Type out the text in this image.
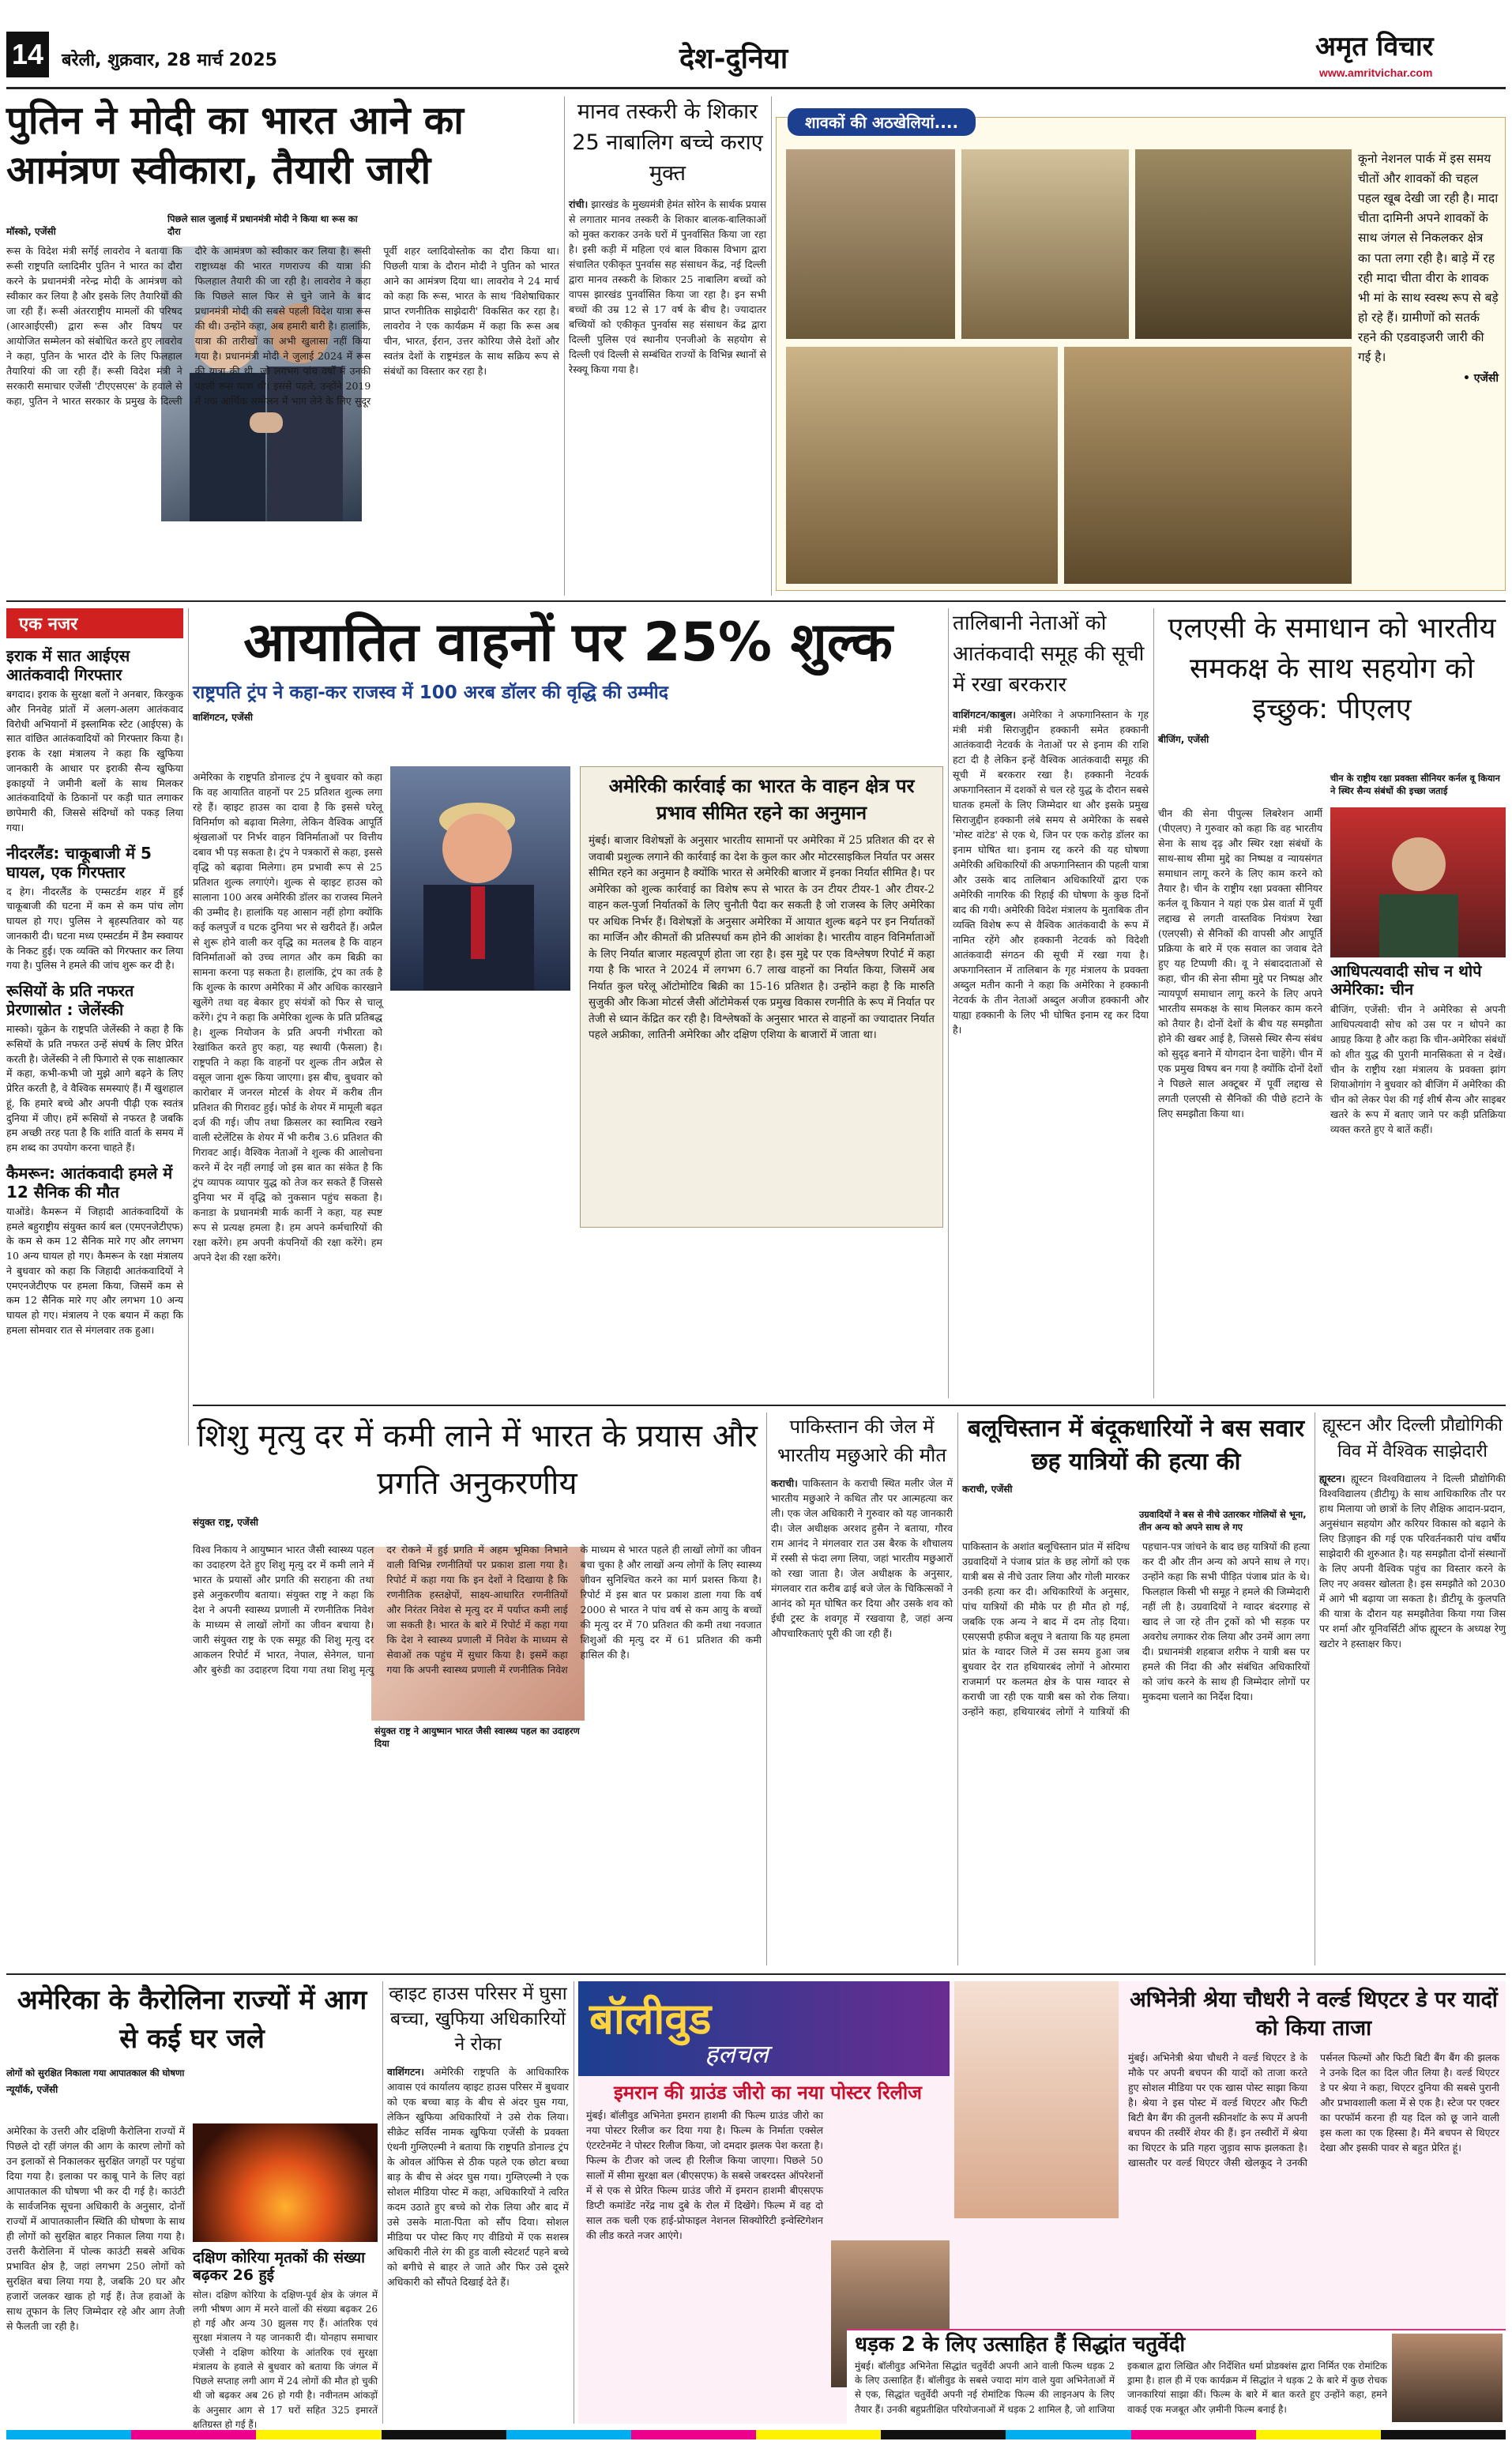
14	बरेली, शुक्रवार, 28 मार्च 2025	देश-दुनिया	अमृत विचार
www.amritvichar.com
पुतिन ने मोदी का भारत आने का आमंत्रण स्वीकारा, तैयारी जारी
मॉस्को, एजेंसी
पिछले साल जुलाई में प्रधानमंत्री मोदी ने किया था रूस का दौरा
रूस के विदेश मंत्री सर्गेई लावरोव ने बताया कि रूसी राष्ट्रपति व्लादिमीर पुतिन ने भारत का दौरा करने के प्रधानमंत्री नरेन्द्र मोदी के आमंत्रण को स्वीकार कर लिया है और इसके लिए तैयारियों की जा रही हैं। रूसी अंतरराष्ट्रीय मामलों की परिषद (आरआईएसी) द्वारा रूस और विषय पर आयोजित सम्मेलन को संबोधित करते हुए लावरोव ने कहा, पुतिन के भारत दौरे के लिए फिलहाल तैयारियां की जा रही हैं। रूसी विदेश मंत्री ने सरकारी समाचार एजेंसी 'टीएएसएस' के हवाले से कहा, पुतिन ने भारत सरकार के प्रमुख के दिल्ली दौरे के आमंत्रण को स्वीकार कर लिया है। रूसी राष्ट्राध्यक्ष की भारत गणराज्य की यात्रा की फिलहाल तैयारी की जा रही है। लावरोव ने कहा कि पिछले साल फिर से चुने जाने के बाद प्रधानमंत्री मोदी की सबसे पहली विदेश यात्रा रूस की थी। उन्होंने कहा, अब हमारी बारी है। हालांकि, यात्रा की तारीखों का अभी खुलासा नहीं किया गया है। प्रधानमंत्री मोदी ने जुलाई 2024 में रूस की यात्रा की थी, जो लगभग पांच वर्षों में उनकी पहली रूस यात्रा थी। इससे पहले, उन्होंने 2019 में एक आर्थिक सम्मेलन में भाग लेने के लिए सुदूर पूर्वी शहर व्लादिवोस्तोक का दौरा किया था। पिछली यात्रा के दौरान मोदी ने पुतिन को भारत आने का आमंत्रण दिया था। लावरोव ने 24 मार्च को कहा कि रूस, भारत के साथ 'विशेषाधिकार प्राप्त रणनीतिक साझेदारी' विकसित कर रहा है। लावरोव ने एक कार्यक्रम में कहा कि रूस अब चीन, भारत, ईरान, उत्तर कोरिया जैसे देशों और स्वतंत्र देशों के राष्ट्रमंडल के साथ सक्रिय रूप से संबंधों का विस्तार कर रहा है।
मानव तस्करी के शिकार 25 नाबालिग बच्चे कराए मुक्त
रांची। झारखंड के मुख्यमंत्री हेमंत सोरेन के सार्थक प्रयास से लगातार मानव तस्करी के शिकार बालक-बालिकाओं को मुक्त कराकर उनके घरों में पुनर्वासित किया जा रहा है। इसी कड़ी में महिला एवं बाल विकास विभाग द्वारा संचालित एकीकृत पुनर्वास सह संसाधन केंद्र, नई दिल्ली द्वारा मानव तस्करी के शिकार 25 नाबालिग बच्चों को वापस झारखंड पुनर्वासित किया जा रहा है। इन सभी बच्चों की उम्र 12 से 17 वर्ष के बीच है। ज्यादातर बच्चियों को एकीकृत पुनर्वास सह संसाधन केंद्र द्वारा दिल्ली पुलिस एवं स्थानीय एनजीओ के सहयोग से दिल्ली एवं दिल्ली से सम्बंधित राज्यों के विभिन्न स्थानों से रेस्क्यू किया गया है।
शावकों की अठखेलियां....
कूनो नेशनल पार्क में इस समय चीतों और शावकों की चहल पहल खूब देखी जा रही है। मादा चीता दामिनी अपने शावकों के साथ जंगल से निकलकर क्षेत्र का पता लगा रही है। बाड़े में रह रही मादा चीता वीरा के शावक भी मां के साथ स्वस्थ रूप से बड़े हो रहे हैं। ग्रामीणों को सतर्क रहने की एडवाइजरी जारी की गई है।
• एजेंसी
एक नजर
इराक में सात आईएस आतंकवादी गिरफ्तार

बगदाद। इराक के सुरक्षा बलों ने अनबार, किरकुक और निनवेह प्रांतों में अलग-अलग आतंकवाद विरोधी अभियानों में इस्लामिक स्टेट (आईएस) के सात वांछित आतंकवादियों को गिरफ्तार किया है। इराक के रक्षा मंत्रालय ने कहा कि खुफिया जानकारी के आधार पर इराकी सैन्य खुफिया इकाइयों ने जमीनी बलों के साथ मिलकर आतंकवादियों के ठिकानों पर कड़ी घात लगाकर छापेमारी की, जिससे संदिग्धों को पकड़ लिया गया।

नीदरलैंड: चाकूबाजी में 5 घायल, एक गिरफ्तार

द हेग। नीदरलैंड के एम्सटर्डम शहर में हुई चाकूबाजी की घटना में कम से कम पांच लोग घायल हो गए। पुलिस ने बृहस्पतिवार को यह जानकारी दी। घटना मध्य एम्सटर्डम में डैम स्क्वायर के निकट हुई। एक व्यक्ति को गिरफ्तार कर लिया गया है। पुलिस ने हमले की जांच शुरू कर दी है।

रूसियों के प्रति नफरत प्रेरणास्रोत : जेलेंस्की

मास्को। यूक्रेन के राष्ट्रपति जेलेंस्की ने कहा है कि रूसियों के प्रति नफरत उन्हें संघर्ष के लिए प्रेरित करती है। जेलेंस्की ने ली फिगारो से एक साक्षात्कार में कहा, कभी-कभी जो मुझे आगे बढ़ने के लिए प्रेरित करती है, वे वैश्विक समस्याएं हैं। मैं खुशहाल हूं, कि हमारे बच्चे और अपनी पीढ़ी एक स्वतंत्र दुनिया में जीए। हमें रूसियों से नफरत है जबकि हम अच्छी तरह पता है कि शांति वार्ता के समय में हम शब्द का उपयोग करना चाहते हैं।

कैमरून: आतंकवादी हमले में 12 सैनिक की मौत

याओंडे। कैमरून में जिहादी आतंकवादियों के हमले बहुराष्ट्रीय संयुक्त कार्य बल (एमएनजेटीएफ) के कम से कम 12 सैनिक मारे गए और लगभग 10 अन्य घायल हो गए। कैमरून के रक्षा मंत्रालय ने बुधवार को कहा कि जिहादी आतंकवादियों ने एमएनजेटीएफ पर हमला किया, जिसमें कम से कम 12 सैनिक मारे गए और लगभग 10 अन्य घायल हो गए। मंत्रालय ने एक बयान में कहा कि हमला सोमवार रात से मंगलवार तक हुआ।

आयातित वाहनों पर 25% शुल्क
राष्ट्रपति ट्रंप ने कहा-कर राजस्व में 100 अरब डॉलर की वृद्धि की उम्मीद
वाशिंगटन, एजेंसी
अमेरिका के राष्ट्रपति डोनाल्ड ट्रंप ने बुधवार को कहा कि वह आयातित वाहनों पर 25 प्रतिशत शुल्क लगा रहे हैं। व्हाइट हाउस का दावा है कि इससे घरेलू विनिर्माण को बढ़ावा मिलेगा, लेकिन वैश्विक आपूर्ति श्रृंखलाओं पर निर्भर वाहन विनिर्माताओं पर वित्तीय दबाव भी पड़ सकता है। ट्रंप ने पत्रकारों से कहा, इससे वृद्धि को बढ़ावा मिलेगा। हम प्रभावी रूप से 25 प्रतिशत शुल्क लगाएंगे। शुल्क से व्हाइट हाउस को सालाना 100 अरब अमेरिकी डॉलर का राजस्व मिलने की उम्मीद है। हालांकि यह आसान नहीं होगा क्योंकि कई कलपुर्जे व घटक दुनिया भर से खरीदते हैं। अप्रैल से शुरू होने वाली कर वृद्धि का मतलब है कि वाहन विनिर्माताओं को उच्च लागत और कम बिक्री का सामना करना पड़ सकता है। हालांकि, ट्रंप का तर्क है कि शुल्क के कारण अमेरिका में और अधिक कारखाने खुलेंगे तथा वह बेकार हुए संयंत्रों को फिर से चालू करेंगे। ट्रंप ने कहा कि अमेरिका शुल्क के प्रति प्रतिबद्ध है। शुल्क नियोजन के प्रति अपनी गंभीरता को रेखांकित करते हुए कहा, यह स्थायी (फैसला) है। राष्ट्रपति ने कहा कि वाहनों पर शुल्क तीन अप्रैल से वसूल जाना शुरू किया जाएगा। इस बीच, बुधवार को कारोबार में जनरल मोटर्स के शेयर में करीब तीन प्रतिशत की गिरावट हुई। फोर्ड के शेयर में मामूली बढ़त दर्ज की गई। जीप तथा क्रिसलर का स्वामित्व रखने वाली स्टेलेंटिस के शेयर में भी करीब 3.6 प्रतिशत की गिरावट आई। वैश्विक नेताओं ने शुल्क की आलोचना करने में देर नहीं लगाई जो इस बात का संकेत है कि ट्रंप व्यापक व्यापार युद्ध को तेज कर सकते हैं जिससे दुनिया भर में वृद्धि को नुकसान पहुंच सकता है। कनाडा के प्रधानमंत्री मार्क कार्नी ने कहा, यह स्पष्ट रूप से प्रत्यक्ष हमला है। हम अपने कर्मचारियों की रक्षा करेंगे। हम अपनी कंपनियों की रक्षा करेंगे। हम अपने देश की रक्षा करेंगे।
अमेरिकी कार्रवाई का भारत के वाहन क्षेत्र पर प्रभाव सीमित रहने का अनुमान
मुंबई। बाजार विशेषज्ञों के अनुसार भारतीय सामानों पर अमेरिका में 25 प्रतिशत की दर से जवाबी प्रशुल्क लगाने की कार्रवाई का देश के कुल कार और मोटरसाइकिल निर्यात पर असर सीमित रहने का अनुमान है क्योंकि भारत से अमेरिकी बाजार में इनका निर्यात सीमित है। पर अमेरिका को शुल्क कार्रवाई का विशेष रूप से भारत के उन टीयर टीयर-1 और टीयर-2 वाहन कल-पुर्जा निर्यातकों के लिए चुनौती पैदा कर सकती है जो राजस्व के लिए अमेरिका पर अधिक निर्भर हैं। विशेषज्ञों के अनुसार अमेरिका में आयात शुल्क बढ़ने पर इन निर्यातकों का मार्जिन और कीमतों की प्रतिस्पर्धा कम होने की आशंका है। भारतीय वाहन विनिर्माताओं के लिए निर्यात बाजार महत्वपूर्ण होता जा रहा है। इस मुद्दे पर एक विश्लेषण रिपोर्ट में कहा गया है कि भारत ने 2024 में लगभग 6.7 लाख वाहनों का निर्यात किया, जिसमें अब निर्यात कुल घरेलू ऑटोमोटिव बिक्री का 15-16 प्रतिशत है। उन्होंने कहा है कि मारुति सुजुकी और किआ मोटर्स जैसी ऑटोमेकर्स एक प्रमुख विकास रणनीति के रूप में निर्यात पर तेजी से ध्यान केंद्रित कर रही है। विश्लेषकों के अनुसार भारत से वाहनों का ज्यादातर निर्यात पहले अफ्रीका, लातिनी अमेरिका और दक्षिण एशिया के बाजारों में जाता था।
तालिबानी नेताओं को आतंकवादी समूह की सूची में रखा बरकरार
वाशिंगटन/काबुल। अमेरिका ने अफगानिस्तान के गृह मंत्री मंत्री सिराजुद्दीन हक्कानी समेत हक्कानी आतंकवादी नेटवर्क के नेताओं पर से इनाम की राशि हटा दी है लेकिन इन्हें वैश्विक आतंकवादी समूह की सूची में बरकरार रखा है। हक्कानी नेटवर्क अफगानिस्तान में दशकों से चल रहे युद्ध के दौरान सबसे घातक हमलों के लिए जिम्मेदार था और इसके प्रमुख सिराजुद्दीन हक्कानी लंबे समय से अमेरिका के सबसे 'मोस्ट वांटेड' से एक थे, जिन पर एक करोड़ डॉलर का इनाम घोषित था। इनाम रद्द करने की यह घोषणा अमेरिकी अधिकारियों की अफगानिस्तान की पहली यात्रा और उसके बाद तालिबान अधिकारियों द्वारा एक अमेरिकी नागरिक की रिहाई की घोषणा के कुछ दिनों बाद की गयी। अमेरिकी विदेश मंत्रालय के मुताबिक तीन व्यक्ति विशेष रूप से वैश्विक आतंकवादी के रूप में नामित रहेंगे और हक्कानी नेटवर्क को विदेशी आतंकवादी संगठन की सूची में रखा गया है। अफगानिस्तान में तालिबान के गृह मंत्रालय के प्रवक्ता अब्दुल मतीन कानी ने कहा कि अमेरिका ने हक्कानी नेटवर्क के तीन नेताओं अब्दुल अजीज हक्कानी और याह्या हक्कानी के लिए भी घोषित इनाम रद्द कर दिया है।
एलएसी के समाधान को भारतीय समकक्ष के साथ सहयोग को इच्छुक: पीएलए
बीजिंग, एजेंसी
चीन के राष्ट्रीय रक्षा प्रवक्ता सीनियर कर्नल वू कियान ने स्थिर सैन्य संबंधों की इच्छा जताई
चीन की सेना पीपुल्स लिबरेशन आर्मी (पीएलए) ने गुरुवार को कहा कि वह भारतीय सेना के साथ दृढ़ और स्थिर रक्षा संबंधों के साथ-साथ सीमा मुद्दे का निष्पक्ष व न्यायसंगत समाधान लागू करने के लिए काम करने को तैयार है। चीन के राष्ट्रीय रक्षा प्रवक्ता सीनियर कर्नल वू कियान ने यहां एक प्रेस वार्ता में पूर्वी लद्दाख से लगती वास्तविक नियंत्रण रेखा (एलएसी) से सैनिकों की वापसी और आपूर्ति प्रक्रिया के बारे में एक सवाल का जवाब देते हुए यह टिप्पणी की। वू ने संबाददाताओं से कहा, चीन की सेना सीमा मुद्दे पर निष्पक्ष और न्यायपूर्ण समाधान लागू करने के लिए अपने भारतीय समकक्ष के साथ मिलकर काम करने को तैयार है। दोनों देशों के बीच यह समझौता होने की खबर आई है, जिससे स्थिर सैन्य संबंध को सुदृढ़ बनाने में योगदान देना चाहेंगे। चीन में एक प्रमुख विषय बन गया है क्योंकि दोनों देशों ने पिछले साल अक्टूबर में पूर्वी लद्दाख से लगती एलएसी से सैनिकों की पीछे हटाने के लिए समझौता किया था।
आधिपत्यवादी सोच न थोपे अमेरिका: चीन
बीजिंग, एजेंसी: चीन ने अमेरिका से अपनी आधिपत्यवादी सोच को उस पर न थोपने का आग्रह किया है और कहा कि चीन-अमेरिका संबंधों को शीत युद्ध की पुरानी मानसिकता से न देखें। चीन के राष्ट्रीय रक्षा मंत्रालय के प्रवक्ता झांग शियाओगांग ने बुधवार को बीजिंग में अमेरिका की चीन को लेकर पेश की गई शीर्ष सैन्य और साइबर खतरे के रूप में बताए जाने पर कड़ी प्रतिक्रिया व्यक्त करते हुए ये बातें कहीं।
शिशु मृत्यु दर में कमी लाने में भारत के प्रयास और प्रगति अनुकरणीय
संयुक्त राष्ट्र, एजेंसी
संयुक्त राष्ट्र ने आयुष्मान भारत जैसी स्वास्थ्य पहल का उदाहरण दिया
विश्व निकाय ने आयुष्मान भारत जैसी स्वास्थ्य पहल का उदाहरण देते हुए शिशु मृत्यु दर में कमी लाने में भारत के प्रयासों और प्रगति की सराहना की तथा इसे अनुकरणीय बताया। संयुक्त राष्ट्र ने कहा कि देश ने अपनी स्वास्थ्य प्रणाली में रणनीतिक निवेश के माध्यम से लाखों लोगों का जीवन बचाया है। जारी संयुक्त राष्ट्र के एक समूह की शिशु मृत्यु दर आकलन रिपोर्ट में भारत, नेपाल, सेनेगल, घाना और बुरुंडी का उदाहरण दिया गया तथा शिशु मृत्यु दर रोकने में हुई प्रगति में अहम भूमिका निभाने वाली विभिन्न रणनीतियों पर प्रकाश डाला गया है। रिपोर्ट में कहा गया कि इन देशों ने दिखाया है कि रणनीतिक हस्तक्षेपों, साक्ष्य-आधारित रणनीतियों और निरंतर निवेश से मृत्यु दर में पर्याप्त कमी लाई जा सकती है। भारत के बारे में रिपोर्ट में कहा गया कि देश ने स्वास्थ्य प्रणाली में निवेश के माध्यम से सेवाओं तक पहुंच में सुधार किया है। इसमें कहा गया कि अपनी स्वास्थ्य प्रणाली में रणनीतिक निवेश के माध्यम से भारत पहले ही लाखों लोगों का जीवन बचा चुका है और लाखों अन्य लोगों के लिए स्वास्थ्य जीवन सुनिश्चित करने का मार्ग प्रशस्त किया है। रिपोर्ट में इस बात पर प्रकाश डाला गया कि वर्ष 2000 से भारत ने पांच वर्ष से कम आयु के बच्चों की मृत्यु दर में 70 प्रतिशत की कमी तथा नवजात शिशुओं की मृत्यु दर में 61 प्रतिशत की कमी हासिल की है।
पाकिस्तान की जेल में भारतीय मछुआरे की मौत
कराची। पाकिस्तान के कराची स्थित मलीर जेल में भारतीय मछुआरे ने कथित तौर पर आत्महत्या कर ली। एक जेल अधिकारी ने गुरुवार को यह जानकारी दी। जेल अधीक्षक अरशद हुसैन ने बताया, गौरव राम आनंद ने मंगलवार रात उस बैरक के शौचालय में रस्सी से फंदा लगा लिया, जहां भारतीय मछुआरों को रखा जाता है। जेल अधीक्षक के अनुसार, मंगलवार रात करीब ढाई बजे जेल के चिकित्सकों ने आनंद को मृत घोषित कर दिया और उसके शव को ईधी ट्रस्ट के शवगृह में रखवाया है, जहां अन्य औपचारिकताएं पूरी की जा रही हैं।
बलूचिस्तान में बंदूकधारियों ने बस सवार छह यात्रियों की हत्या की
कराची, एजेंसी
उग्रवादियों ने बस से नीचे उतारकर गोलियों से भूना, तीन अन्य को अपने साथ ले गए
पाकिस्तान के अशांत बलूचिस्तान प्रांत में संदिग्ध उग्रवादियों ने पंजाब प्रांत के छह लोगों को एक यात्री बस से नीचे उतार लिया और गोली मारकर उनकी हत्या कर दी। अधिकारियों के अनुसार, पांच यात्रियों की मौके पर ही मौत हो गई, जबकि एक अन्य ने बाद में दम तोड़ दिया। एसएसपी हफीज बलूच ने बताया कि यह हमला प्रांत के ग्वादर जिले में उस समय हुआ जब बुधवार देर रात हथियारबंद लोगों ने ओरमारा राजमार्ग पर कलमत क्षेत्र के पास ग्वादर से कराची जा रही एक यात्री बस को रोक लिया। उन्होंने कहा, हथियारबंद लोगों ने यात्रियों की पहचान-पत्र जांचने के बाद छह यात्रियों की हत्या कर दी और तीन अन्य को अपने साथ ले गए। उन्होंने कहा कि सभी पीड़ित पंजाब प्रांत के थे। फिलहाल किसी भी समूह ने हमले की जिम्मेदारी नहीं ली है। उग्रवादियों ने ग्वादर बंदरगाह से खाद ले जा रहे तीन ट्रकों को भी सड़क पर अवरोध लगाकर रोक लिया और उनमें आग लगा दी। प्रधानमंत्री शहबाज शरीफ ने यात्री बस पर हमले की निंदा की और संबंधित अधिकारियों को जांच करने के साथ ही जिम्मेदार लोगों पर मुकदमा चलाने का निर्देश दिया।
ह्यूस्टन और दिल्ली प्रौद्योगिकी विव में वैश्विक साझेदारी
ह्यूस्टन। ह्यूस्टन विश्वविद्यालय ने दिल्ली प्रौद्योगिकी विश्वविद्यालय (डीटीयू) के साथ आधिकारिक तौर पर हाथ मिलाया जो छात्रों के लिए शैक्षिक आदान-प्रदान, अनुसंधान सहयोग और करियर विकास को बढ़ाने के लिए डिज़ाइन की गई एक परिवर्तनकारी पांच वर्षीय साझेदारी की शुरुआत है। यह समझौता दोनों संस्थानों के लिए अपनी वैश्विक पहुंच का विस्तार करने के लिए नए अवसर खोलता है। इस समझौते को 2030 में आगे भी बढ़ाया जा सकता है। डीटीयू के कुलपति की यात्रा के दौरान यह समझौतेवा किया गया जिस पर शर्मा और यूनिवर्सिटी ऑफ ह्यूस्टन के अध्यक्ष रेणु खटोर ने हस्ताक्षर किए।
अमेरिका के कैरोलिना राज्यों में आग से कई घर जले
लोगों को सुरक्षित निकाला गया आपातकाल की घोषणा
न्यूयॉर्क, एजेंसी
अमेरिका के उत्तरी और दक्षिणी कैरोलिना राज्यों में पिछले दो रहीं जंगल की आग के कारण लोगों को उन इलाकों से निकालकर सुरक्षित जगहों पर पहुंचा दिया गया है। इलाका पर काबू पाने के लिए वहां आपातकाल की घोषणा भी कर दी गई है। काउंटी के सार्वजनिक सूचना अधिकारी के अनुसार, दोनों राज्यों में आपातकालीन स्थिति की घोषणा के साथ ही लोगों को सुरक्षित बाहर निकाल लिया गया है। उत्तरी कैरोलिना में पोल्क काउंटी सबसे अधिक प्रभावित क्षेत्र है, जहां लगभग 250 लोगों को सुरक्षित बचा लिया गया है, जबकि 20 घर और हजारों जलकर खाक हो गई हैं। तेज हवाओं के साथ तूफान के लिए जिम्मेदार रहे और आग तेजी से फैलती जा रही है।
दक्षिण कोरिया मृतकों की संख्या बढ़कर 26 हुई
सोल। दक्षिण कोरिया के दक्षिण-पूर्व क्षेत्र के जंगल में लगी भीषण आग में मरने वालों की संख्या बढ़कर 26 हो गई और अन्य 30 झुलस गए हैं। आंतरिक एवं सुरक्षा मंत्रालय ने यह जानकारी दी। योनहाप समाचार एजेंसी ने दक्षिण कोरिया के आंतरिक एवं सुरक्षा मंत्रालय के हवाले से बुधवार को बताया कि जंगल में पिछले सप्ताह लगी आग में 24 लोगों की मौत हो चुकी थी जो बढ़कर अब 26 हो गयी है। नवीनतम आंकड़ों के अनुसार आग से 17 घरों सहित 325 इमारतें क्षतिग्रस्त हो गई हैं।
व्हाइट हाउस परिसर में घुसा बच्चा, खुफिया अधिकारियों ने रोका
वाशिंगटन। अमेरिकी राष्ट्रपति के आधिकारिक आवास एवं कार्यालय व्हाइट हाउस परिसर में बुधवार को एक बच्चा बाड़ के बीच से अंदर घुस गया, लेकिन खुफिया अधिकारियों ने उसे रोक लिया। सीक्रेट सर्विस नामक खुफिया एजेंसी के प्रवक्ता एंथनी गुग्लिएल्मी ने बताया कि राष्ट्रपति डोनाल्ड ट्रंप के ओवल ऑफिस से ठीक पहले एक छोटा बच्चा बाड़ के बीच से अंदर घुस गया। गुग्लिएल्मी ने एक सोशल मीडिया पोस्ट में कहा, अधिकारियों ने त्वरित कदम उठाते हुए बच्चे को रोक लिया और बाद में उसे उसके माता-पिता को सौंप दिया। सोशल मीडिया पर पोस्ट किए गए वीडियो में एक सशस्त्र अधिकारी नीले रंग की हुड वाली स्वेटशर्ट पहने बच्चे को बगीचे से बाहर ले जाते और फिर उसे दूसरे अधिकारी को सौंपते दिखाई देते हैं।
बॉलीवुड
हलचल
इमरान की ग्राउंड जीरो का नया पोस्टर रिलीज
मुंबई। बॉलीवुड अभिनेता इमरान हाशमी की फिल्म ग्राउंड जीरो का नया पोस्टर रिलीज कर दिया गया है। फिल्म के निर्माता एक्सेल एंटरटेनमेंट ने पोस्टर रिलीज किया, जो दमदार झलक पेश करता है। फिल्म के टीजर को जल्द ही रिलीज किया जाएगा। पिछले 50 सालों में सीमा सुरक्षा बल (बीएसएफ) के सबसे जबरदस्त ऑपरेशनों में से एक से प्रेरित फिल्म ग्राउंड जीरो में इमरान हाशमी बीएसएफ डिप्टी कमांडेंट नरेंद्र नाथ दुबे के रोल में दिखेंगे। फिल्म में वह दो साल तक चली एक हाई-प्रोफाइल नेशनल सिक्योरिटी इन्वेस्टिगेशन की लीड करते नजर आएंगे।
अभिनेत्री श्रेया चौधरी ने वर्ल्ड थिएटर डे पर यादों को किया ताजा
मुंबई। अभिनेत्री श्रेया चौधरी ने वर्ल्ड थिएटर डे के मौके पर अपनी बचपन की यादों को ताजा करते हुए सोशल मीडिया पर एक खास पोस्ट साझा किया है। श्रेया ने इस पोस्ट में वर्ल्ड थिएटर और फिटी बिटी बैग बैंग की तुलनी स्क्रीनशॉट के रूप में अपनी बचपन की तस्वीरें शेयर की हैं। इन तस्वीरों में श्रेया का थिएटर के प्रति गहरा जुड़ाव साफ झलकता है। खासतौर पर वर्ल्ड थिएटर जैसी खेलकूद ने उनकी पर्सनल फिल्मों और फिटी बिटी बैंग बैंग की झलक ने उनके दिल का दिल जीत लिया है। वर्ल्ड थिएटर डे पर श्रेया ने कहा, थिएटर दुनिया की सबसे पुरानी और प्रभावशाली कला में से एक है। स्टेज पर एक्टर का परफॉर्म करना ही यह दिल को छू जाने वाली इस कला का एक हिस्सा है। मैंने बचपन से थिएटर देखा और इसकी पावर से बहुत प्रेरित हूं।
धड़क 2 के लिए उत्साहित हैं सिद्धांत चतुर्वेदी
मुंबई। बॉलीवुड अभिनेता सिद्धांत चतुर्वेदी अपनी आने वाली फिल्म धड़क 2 के लिए उत्साहित हैं। बॉलीवुड के सबसे ज्यादा मांग वाले युवा अभिनेताओं में से एक, सिद्धांत चतुर्वेदी अपनी नई रोमांटिक फिल्म की लाइनअप के लिए तैयार हैं। उनकी बहुप्रतीक्षित परियोजनाओं में धड़क 2 शामिल है, जो शाजिया इकबाल द्वारा लिखित और निर्देशित धर्मा प्रोडक्शंस द्वारा निर्मित एक रोमांटिक ड्रामा है। हाल ही में एक कार्यक्रम में सिद्धांत ने धड़क 2 के बारे में कुछ रोचक जानकारियां साझा कीं। फिल्म के बारे में बात करते हुए उन्होंने कहा, हमने वाकई एक मजबूत और ज़मीनी फिल्म बनाई है।
